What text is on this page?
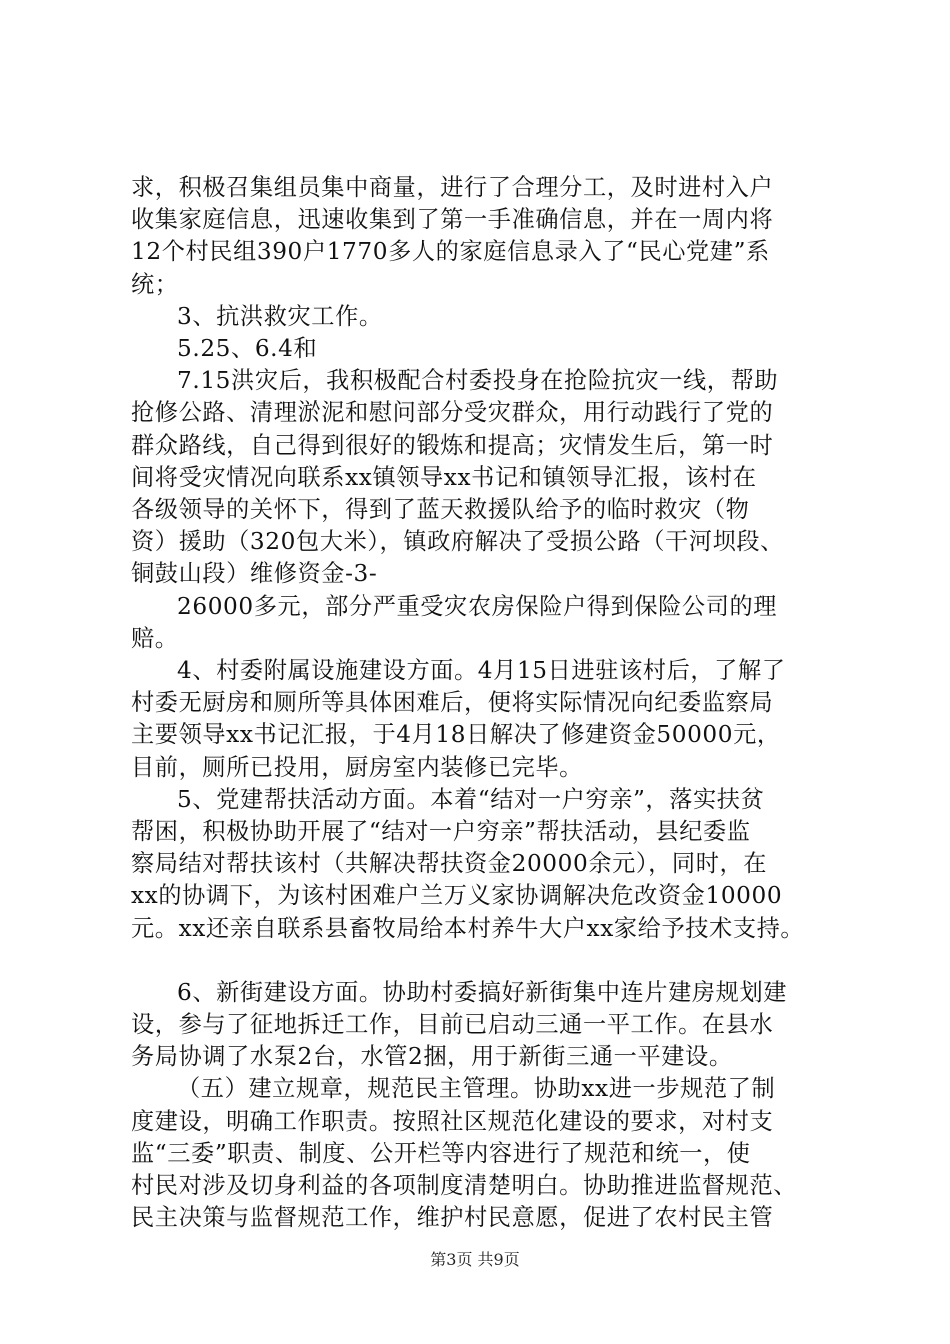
求，积极召集组员集中商量，进行了合理分工，及时进村入户

收集家庭信息，迅速收集到了第一手准确信息，并在一周内将

12个村民组390户1770多人的家庭信息录入了“民心党建”系

统；

3、抗洪救灾工作。

5.25、6.4和

7.15洪灾后，我积极配合村委投身在抢险抗灾一线，帮助

抢修公路、清理淤泥和慰问部分受灾群众，用行动践行了党的

群众路线，自己得到很好的锻炼和提高；灾情发生后，第一时

间将受灾情况向联系xx镇领导xx书记和镇领导汇报，该村在

各级领导的关怀下，得到了蓝天救援队给予的临时救灾（物

资）援助（320包大米），镇政府解决了受损公路（干河坝段、

铜鼓山段）维修资金-3-

26000多元，部分严重受灾农房保险户得到保险公司的理

赔。

4、村委附属设施建设方面。4月15日进驻该村后，了解了

村委无厨房和厕所等具体困难后，便将实际情况向纪委监察局

主要领导xx书记汇报，于4月18日解决了修建资金50000元，

目前，厕所已投用，厨房室内装修已完毕。

5、党建帮扶活动方面。本着“结对一户穷亲”，落实扶贫

帮困，积极协助开展了“结对一户穷亲”帮扶活动，县纪委监

察局结对帮扶该村（共解决帮扶资金20000余元），同时，在

xx的协调下，为该村困难户兰万义家协调解决危改资金10000

元。xx还亲自联系县畜牧局给本村养牛大户xx家给予技术支持。

6、新街建设方面。协助村委搞好新街集中连片建房规划建

设，参与了征地拆迁工作，目前已启动三通一平工作。在县水

务局协调了水泵2台，水管2捆，用于新街三通一平建设。

（五）建立规章，规范民主管理。协助xx进一步规范了制

度建设，明确工作职责。按照社区规范化建设的要求，对村支

监“三委”职责、制度、公开栏等内容进行了规范和统一，使

村民对涉及切身利益的各项制度清楚明白。协助推进监督规范、

民主决策与监督规范工作，维护村民意愿，促进了农村民主管

第3页 共9页
